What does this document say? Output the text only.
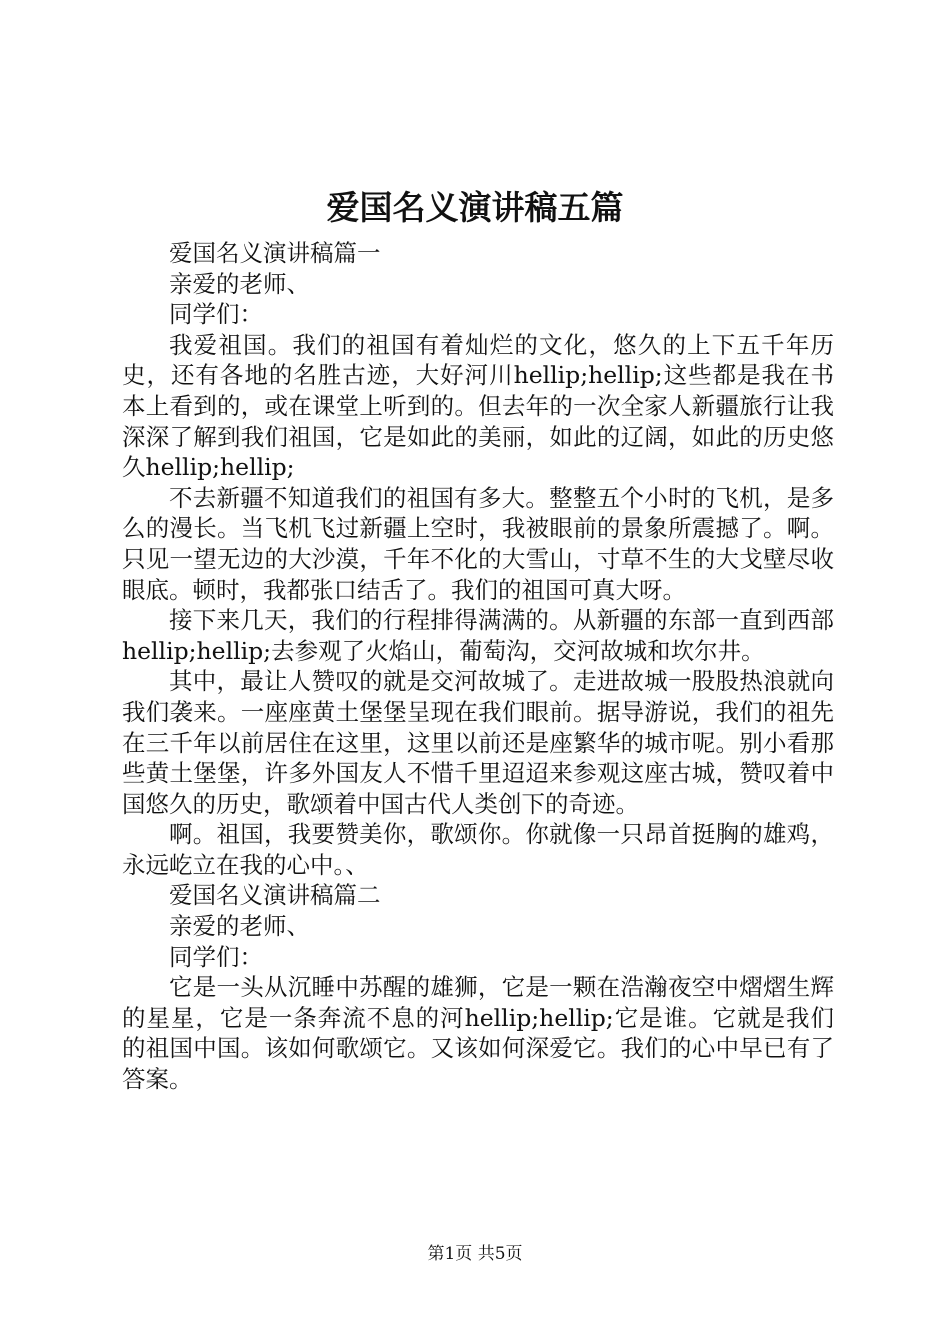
爱国名义演讲稿五篇

爱国名义演讲稿篇一

亲爱的老师、

同学们：

我爱祖国。我们的祖国有着灿烂的文化，悠久的上下五千年历史，还有各地的名胜古迹，大好河川hellip;hellip;这些都是我在书本上看到的，或在课堂上听到的。但去年的一次全家人新疆旅行让我深深了解到我们祖国，它是如此的美丽，如此的辽阔，如此的历史悠久hellip;hellip;

不去新疆不知道我们的祖国有多大。整整五个小时的飞机，是多么的漫长。当飞机飞过新疆上空时，我被眼前的景象所震撼了。啊。只见一望无边的大沙漠，千年不化的大雪山，寸草不生的大戈壁尽收眼底。顿时，我都张口结舌了。我们的祖国可真大呀。

接下来几天，我们的行程排得满满的。从新疆的东部一直到西部hellip;hellip;去参观了火焰山，葡萄沟，交河故城和坎尔井。

其中，最让人赞叹的就是交河故城了。走进故城一股股热浪就向我们袭来。一座座黄土堡堡呈现在我们眼前。据导游说，我们的祖先在三千年以前居住在这里，这里以前还是座繁华的城市呢。别小看那些黄土堡堡，许多外国友人不惜千里迢迢来参观这座古城，赞叹着中国悠久的历史，歌颂着中国古代人类创下的奇迹。

啊。祖国，我要赞美你，歌颂你。你就像一只昂首挺胸的雄鸡，永远屹立在我的心中。、

爱国名义演讲稿篇二

亲爱的老师、

同学们：

它是一头从沉睡中苏醒的雄狮，它是一颗在浩瀚夜空中熠熠生辉的星星，它是一条奔流不息的河hellip;hellip;它是谁。它就是我们的祖国中国。该如何歌颂它。又该如何深爱它。我们的心中早已有了答案。

第1页 共5页
